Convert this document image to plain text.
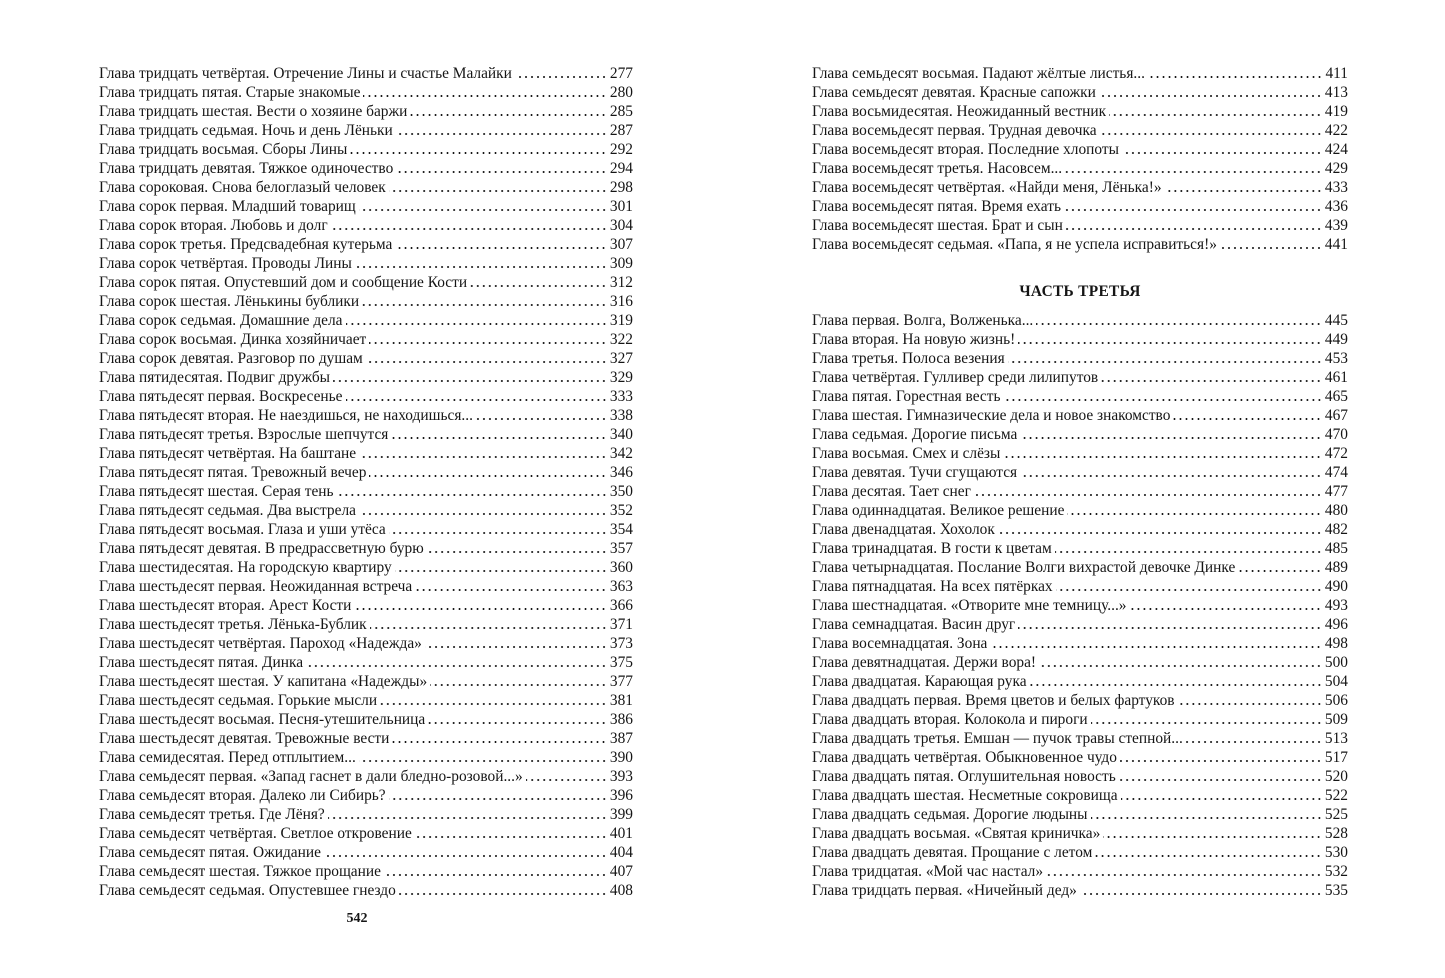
Глава тридцать четвёртая. Отречение Лины и счастье Малайки	277
Глава тридцать пятая. Старые знакомые	280
Глава тридцать шестая. Вести о хозяине баржи	285
Глава тридцать седьмая. Ночь и день Лёньки	287
Глава тридцать восьмая. Сборы Лины	292
Глава тридцать девятая. Тяжкое одиночество	294
Глава сороковая. Снова белоглазый человек	298
Глава сорок первая. Младший товарищ	301
Глава сорок вторая. Любовь и долг	304
Глава сорок третья. Предсвадебная кутерьма	307
Глава сорок четвёртая. Проводы Лины	309
Глава сорок пятая. Опустевший дом и сообщение Кости	312
Глава сорок шестая. Лёнькины бублики	316
Глава сорок седьмая. Домашние дела	319
Глава сорок восьмая. Динка хозяйничает	322
Глава сорок девятая. Разговор по душам	327
Глава пятидесятая. Подвиг дружбы	329
Глава пятьдесят первая. Воскресенье	333
Глава пятьдесят вторая. Не наездишься, не находишься...	338
Глава пятьдесят третья. Взрослые шепчутся	340
Глава пятьдесят четвёртая. На баштане	342
Глава пятьдесят пятая. Тревожный вечер	346
Глава пятьдесят шестая. Серая тень	350
Глава пятьдесят седьмая. Два выстрела	352
Глава пятьдесят восьмая. Глаза и уши утёса	354
Глава пятьдесят девятая. В предрассветную бурю	357
Глава шестидесятая. На городскую квартиру	360
Глава шестьдесят первая. Неожиданная встреча	363
Глава шестьдесят вторая. Арест Кости	366
Глава шестьдесят третья. Лёнька-Бублик	371
Глава шестьдесят четвёртая. Пароход «Надежда»	373
Глава шестьдесят пятая. Динка	375
Глава шестьдесят шестая. У капитана «Надежды»	377
Глава шестьдесят седьмая. Горькие мысли	381
Глава шестьдесят восьмая. Песня-утешительница	386
Глава шестьдесят девятая. Тревожные вести	387
Глава семидесятая. Перед отплытием...	390
Глава семьдесят первая. «Запад гаснет в дали бледно-розовой...»	393
Глава семьдесят вторая. Далеко ли Сибирь?	396
Глава семьдесят третья. Где Лёня?	399
Глава семьдесят четвёртая. Светлое откровение	401
Глава семьдесят пятая. Ожидание	404
Глава семьдесят шестая. Тяжкое прощание	407
Глава семьдесят седьмая. Опустевшее гнездо	408
542
Глава семьдесят восьмая. Падают жёлтые листья...	411
Глава семьдесят девятая. Красные сапожки	413
Глава восьмидесятая. Неожиданный вестник	419
Глава восемьдесят первая. Трудная девочка	422
Глава восемьдесят вторая. Последние хлопоты	424
Глава восемьдесят третья. Насовсем...	429
Глава восемьдесят четвёртая. «Найди меня, Лёнька!»	433
Глава восемьдесят пятая. Время ехать	436
Глава восемьдесят шестая. Брат и сын	439
Глава восемьдесят седьмая. «Папа, я не успела исправиться!»	441
ЧАСТЬ ТРЕТЬЯ
Глава первая. Волга, Волженька...	445
Глава вторая. На новую жизнь!	449
Глава третья. Полоса везения	453
Глава четвёртая. Гулливер среди лилипутов	461
Глава пятая. Горестная весть	465
Глава шестая. Гимназические дела и новое знакомство	467
Глава седьмая. Дорогие письма	470
Глава восьмая. Смех и слёзы	472
Глава девятая. Тучи сгущаются	474
Глава десятая. Тает снег	477
Глава одиннадцатая. Великое решение	480
Глава двенадцатая. Хохолок	482
Глава тринадцатая. В гости к цветам	485
Глава четырнадцатая. Послание Волги вихрастой девочке Динке	489
Глава пятнадцатая. На всех пятёрках	490
Глава шестнадцатая. «Отворите мне темницу...»	493
Глава семнадцатая. Васин друг	496
Глава восемнадцатая. Зона	498
Глава девятнадцатая. Держи вора!	500
Глава двадцатая. Карающая рука	504
Глава двадцать первая. Время цветов и белых фартуков	506
Глава двадцать вторая. Колокола и пироги	509
Глава двадцать третья. Емшан — пучок травы степной...	513
Глава двадцать четвёртая. Обыкновенное чудо	517
Глава двадцать пятая. Оглушительная новость	520
Глава двадцать шестая. Несметные сокровища	522
Глава двадцать седьмая. Дорогие людыны	525
Глава двадцать восьмая. «Святая криничка»	528
Глава двадцать девятая. Прощание с летом	530
Глава тридцатая. «Мой час настал»	532
Глава тридцать первая. «Ничейный дед»	535
